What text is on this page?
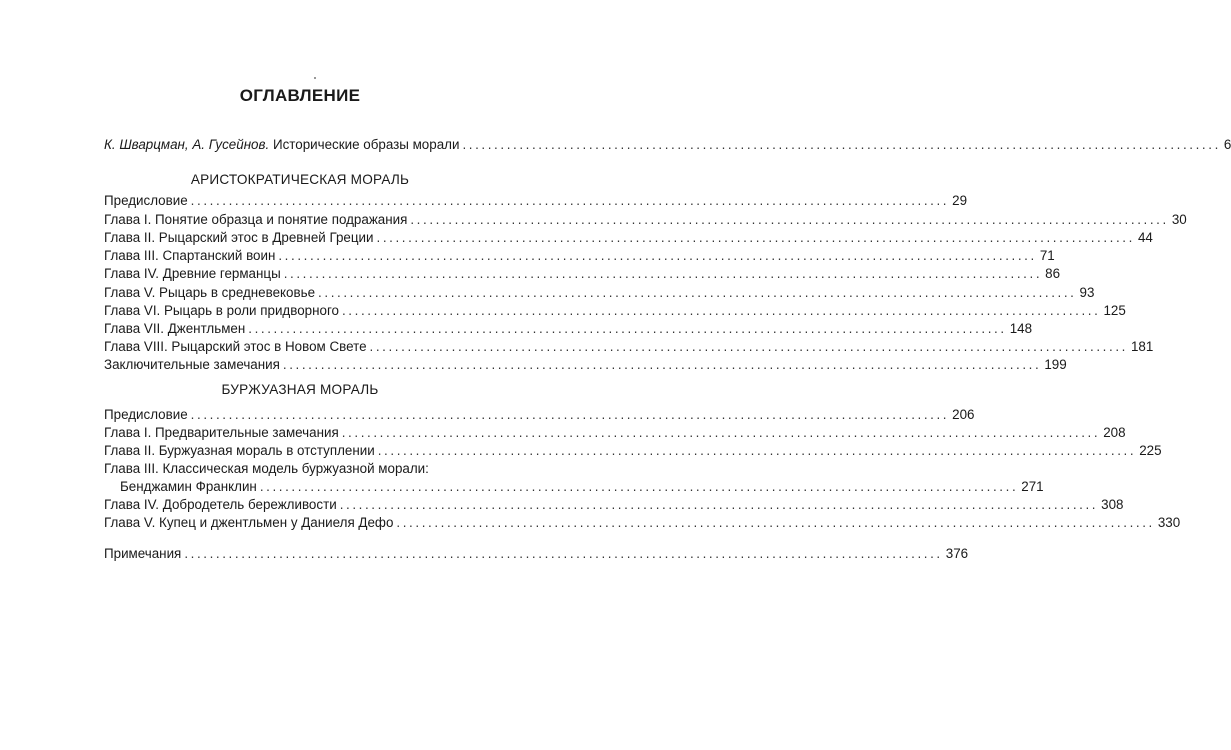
ОГЛАВЛЕНИЕ
К. Шварцман, А. Гусейнов. Исторические образы морали ........................................................................................................................ 6
АРИСТОКРАТИЧЕСКАЯ МОРАЛЬ
Предисловие ........................................................................................................................ 29
Глава I. Понятие образца и понятие подражания ........................................................................................................................ 30
Глава II. Рыцарский этос в Древней Греции ........................................................................................................................ 44
Глава III. Спартанский воин ........................................................................................................................ 71
Глава IV. Древние германцы ........................................................................................................................ 86
Глава V. Рыцарь в средневековье ........................................................................................................................ 93
Глава VI. Рыцарь в роли придворного ........................................................................................................................ 125
Глава VII. Джентльмен ........................................................................................................................ 148
Глава VIII. Рыцарский этос в Новом Свете ........................................................................................................................ 181
Заключительные замечания ........................................................................................................................ 199
БУРЖУАЗНАЯ МОРАЛЬ
Предисловие ........................................................................................................................ 206
Глава I. Предварительные замечания ........................................................................................................................ 208
Глава II. Буржуазная мораль в отступлении ........................................................................................................................ 225
Глава III. Классическая модель буржуазной морали:
Бенджамин Франклин ........................................................................................................................ 271
Глава IV. Добродетель бережливости ........................................................................................................................ 308
Глава V. Купец и джентльмен у Даниеля Дефо ........................................................................................................................ 330
Примечания ........................................................................................................................ 376
